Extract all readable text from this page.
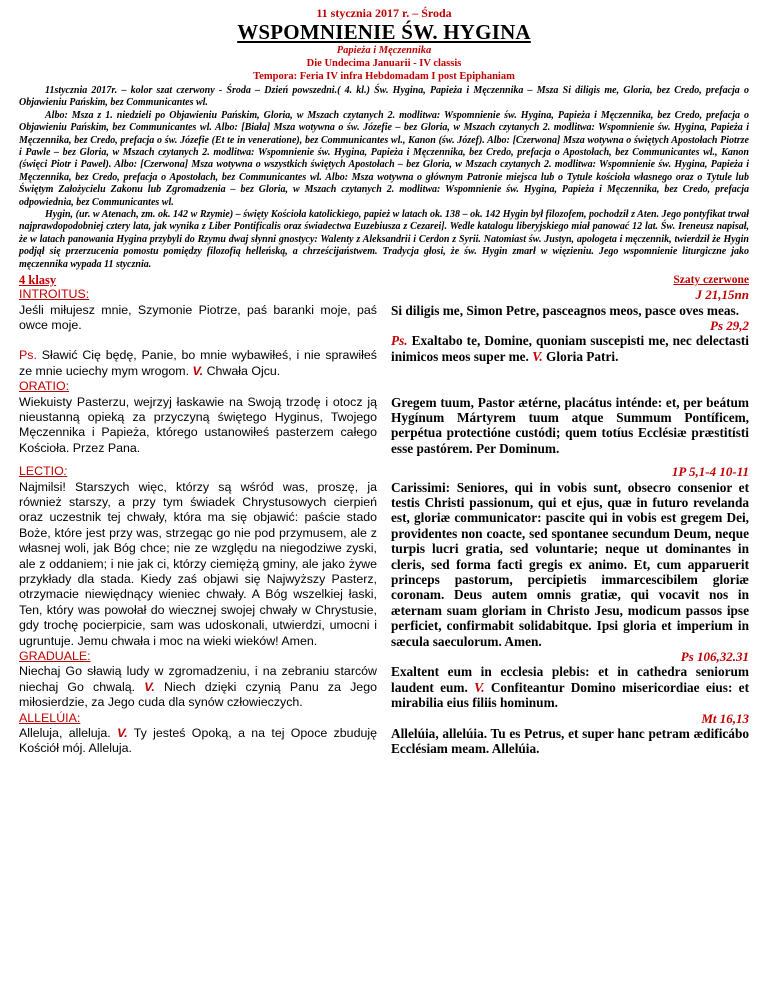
11 stycznia 2017 r. – Środa
WSPOMNIENIE ŚW. HYGINA
Papieża i Męczennika
Die Undecima Januarii - IV classis
Tempora: Feria IV infra Hebdomadam I post Epiphaniam

11stycznia 2017r. – kolor szat czerwony - Środa – Dzień powszedni.( 4. kl.) Św. Hygina, Papieża i Męczennika – Msza Si diligis me, Gloria, bez Credo, prefacja o Objawieniu Pańskim, bez Communicantes wl.

Albo: Msza z 1. niedzieli po Objawieniu Pańskim, Gloria, w Mszach czytanych 2. modlitwa: Wspomnienie św. Hygina, Papieża i Męczennika, bez Credo, prefacja o Objawieniu Pańskim, bez Communicantes wl. Albo: [Biała] Msza wotywna o św. Józefie – bez Gloria, w Mszach czytanych 2. modlitwa: Wspomnienie św. Hygina, Papieża i Męczennika, bez Credo, prefacja o św. Józefie (Et te in veneratione), bez Communicantes wl., Kanon (św. Józef). Albo: [Czerwona] Msza wotywna o świętych Apostołach Piotrze i Pawle – bez Gloria, w Mszach czytanych 2. modlitwa: Wspomnienie św. Hygina, Papieża i Męczennika, bez Credo, prefacja o Apostołach, bez Communicantes wl., Kanon (święci Piotr i Paweł). Albo: [Czerwona] Msza wotywna o wszystkich świętych Apostołach – bez Gloria, w Mszach czytanych 2. modlitwa: Wspomnienie św. Hygina, Papieża i Męczennika, bez Credo, prefacja o Apostołach, bez Communicantes wl. Albo: Msza wotywna o głównym Patronie miejsca lub o Tytule kościoła własnego oraz o Tytule lub Świętym Założycielu Zakonu lub Zgromadzenia – bez Gloria, w Mszach czytanych 2. modlitwa: Wspomnienie św. Hygina, Papieża i Męczennika, bez Credo, prefacja odpowiednia, bez Communicantes wl.

Hygin, (ur. w Atenach, zm. ok. 142 w Rzymie) – święty Kościoła katolickiego, papież w latach ok. 138 – ok. 142 Hygin był filozofem, pochodził z Aten. Jego pontyfikat trwał najprawdopodobniej cztery lata, jak wynika z Liber Pontificalis oraz świadectwa Euzebiusza z Cezarei]. Wedle katalogu liberyjskiego miał panować 12 lat. Św. Ireneusz napisał, że w latach panowania Hygina przybyli do Rzymu dwaj słynni gnostycy: Walenty z Aleksandrii i Cerdon z Syrii. Natomiast św. Justyn, apologeta i męczennik, twierdził że Hygin podjął się przerzucenia pomostu pomiędzy filozofią helleńską, a chrześcijaństwem. Tradycja głosi, że św. Hygin zmarł w więzieniu. Jego wspomnienie liturgiczne jako męczennika wypada 11 stycznia.

4 klasy	Szaty czerwone
INTROITUS:

Jeśli miłujesz mnie, Szymonie Piotrze, paś baranki moje, paś owce moje.

Ps. Sławić Cię będę, Panie, bo mnie wybawiłeś, i nie sprawiłeś ze mnie uciechy mym wrogom. V. Chwała Ojcu.

J 21,15nn

Si diligis me, Simon Petre, pasceagnos meos, pasce oves meas.

Ps 29,2

Ps. Exaltabo te, Domine, quoniam suscepisti me, nec delectasti inimicos meos super me. V. Gloria Patri.

ORATIO:

Wiekuisty Pasterzu, wejrzyj łaskawie na Swoją trzodę i otocz ją nieustanną opieką za przyczyną świętego Hyginus, Twojego Męczennika i Papieża, którego ustanowiłeś pasterzem całego Kościoła. Przez Pana.

Gregem tuum, Pastor ætérne, placátus inténde: et, per beátum Hygínum Mártyrem tuum atque Summum Pontíficem, perpétua protectióne custódi; quem totíus Ecclésiæ præstitísti esse pastórem. Per Dominum.

LECTIO:

Najmilsi! Starszych więc, którzy są wśród was, proszę, ja również starszy, a przy tym świadek Chrystusowych cierpień oraz uczestnik tej chwały, która ma się objawić: paście stado Boże, które jest przy was, strzegąc go nie pod przymusem, ale z własnej woli, jak Bóg chce; nie ze względu na niegodziwe zyski, ale z oddaniem; i nie jak ci, którzy ciemiężą gminy, ale jako żywe przykłady dla stada. Kiedy zaś objawi się Najwyższy Pasterz, otrzymacie niewiędnący wieniec chwały. A Bóg wszelkiej łaski, Ten, który was powołał do wiecznej swojej chwały w Chrystusie, gdy trochę pocierpicie, sam was udoskonali, utwierdzi, umocni i ugruntuje. Jemu chwała i moc na wieki wieków! Amen.

1P 5,1-4 10-11

Carissimi: Seniores, qui in vobis sunt, obsecro consenior et testis Christi passionum, qui et ejus, quæ in futuro revelanda est, gloriæ communicator: pascite qui in vobis est gregem Dei, providentes non coacte, sed spontanee secundum Deum, neque turpis lucri gratia, sed voluntarie; neque ut dominantes in cleris, sed forma facti gregis ex animo. Et, cum apparuerit princeps pastorum, percipietis immarcescibilem gloriæ coronam. Deus autem omnis gratiæ, qui vocavit nos in æternam suam gloriam in Christo Jesu, modicum passos ipse perficiet, confirmabit solidabitque. Ipsi gloria et imperium in sæcula saeculorum. Amen.

GRADUALE:

Niechaj Go sławią ludy w zgromadzeniu, i na zebraniu starców niechaj Go chwalą. V. Niech dzięki czynią Panu za Jego miłosierdzie, za Jego cuda dla synów człowieczych.

Ps 106,32.31

Exaltent eum in ecclesia plebis: et in cathedra seniorum laudent eum. V. Confiteantur Domino misericordiae eius: et mirabilia eius filiis hominum.

ALLELÚIA:

Alleluja, alleluja. V. Ty jesteś Opoką, a na tej Opoce zbuduję Kościół mój. Alleluja.

Mt 16,13

Allelúia, allelúia. Tu es Petrus, et super hanc petram ædificábo Ecclésiam meam. Allelúia.
